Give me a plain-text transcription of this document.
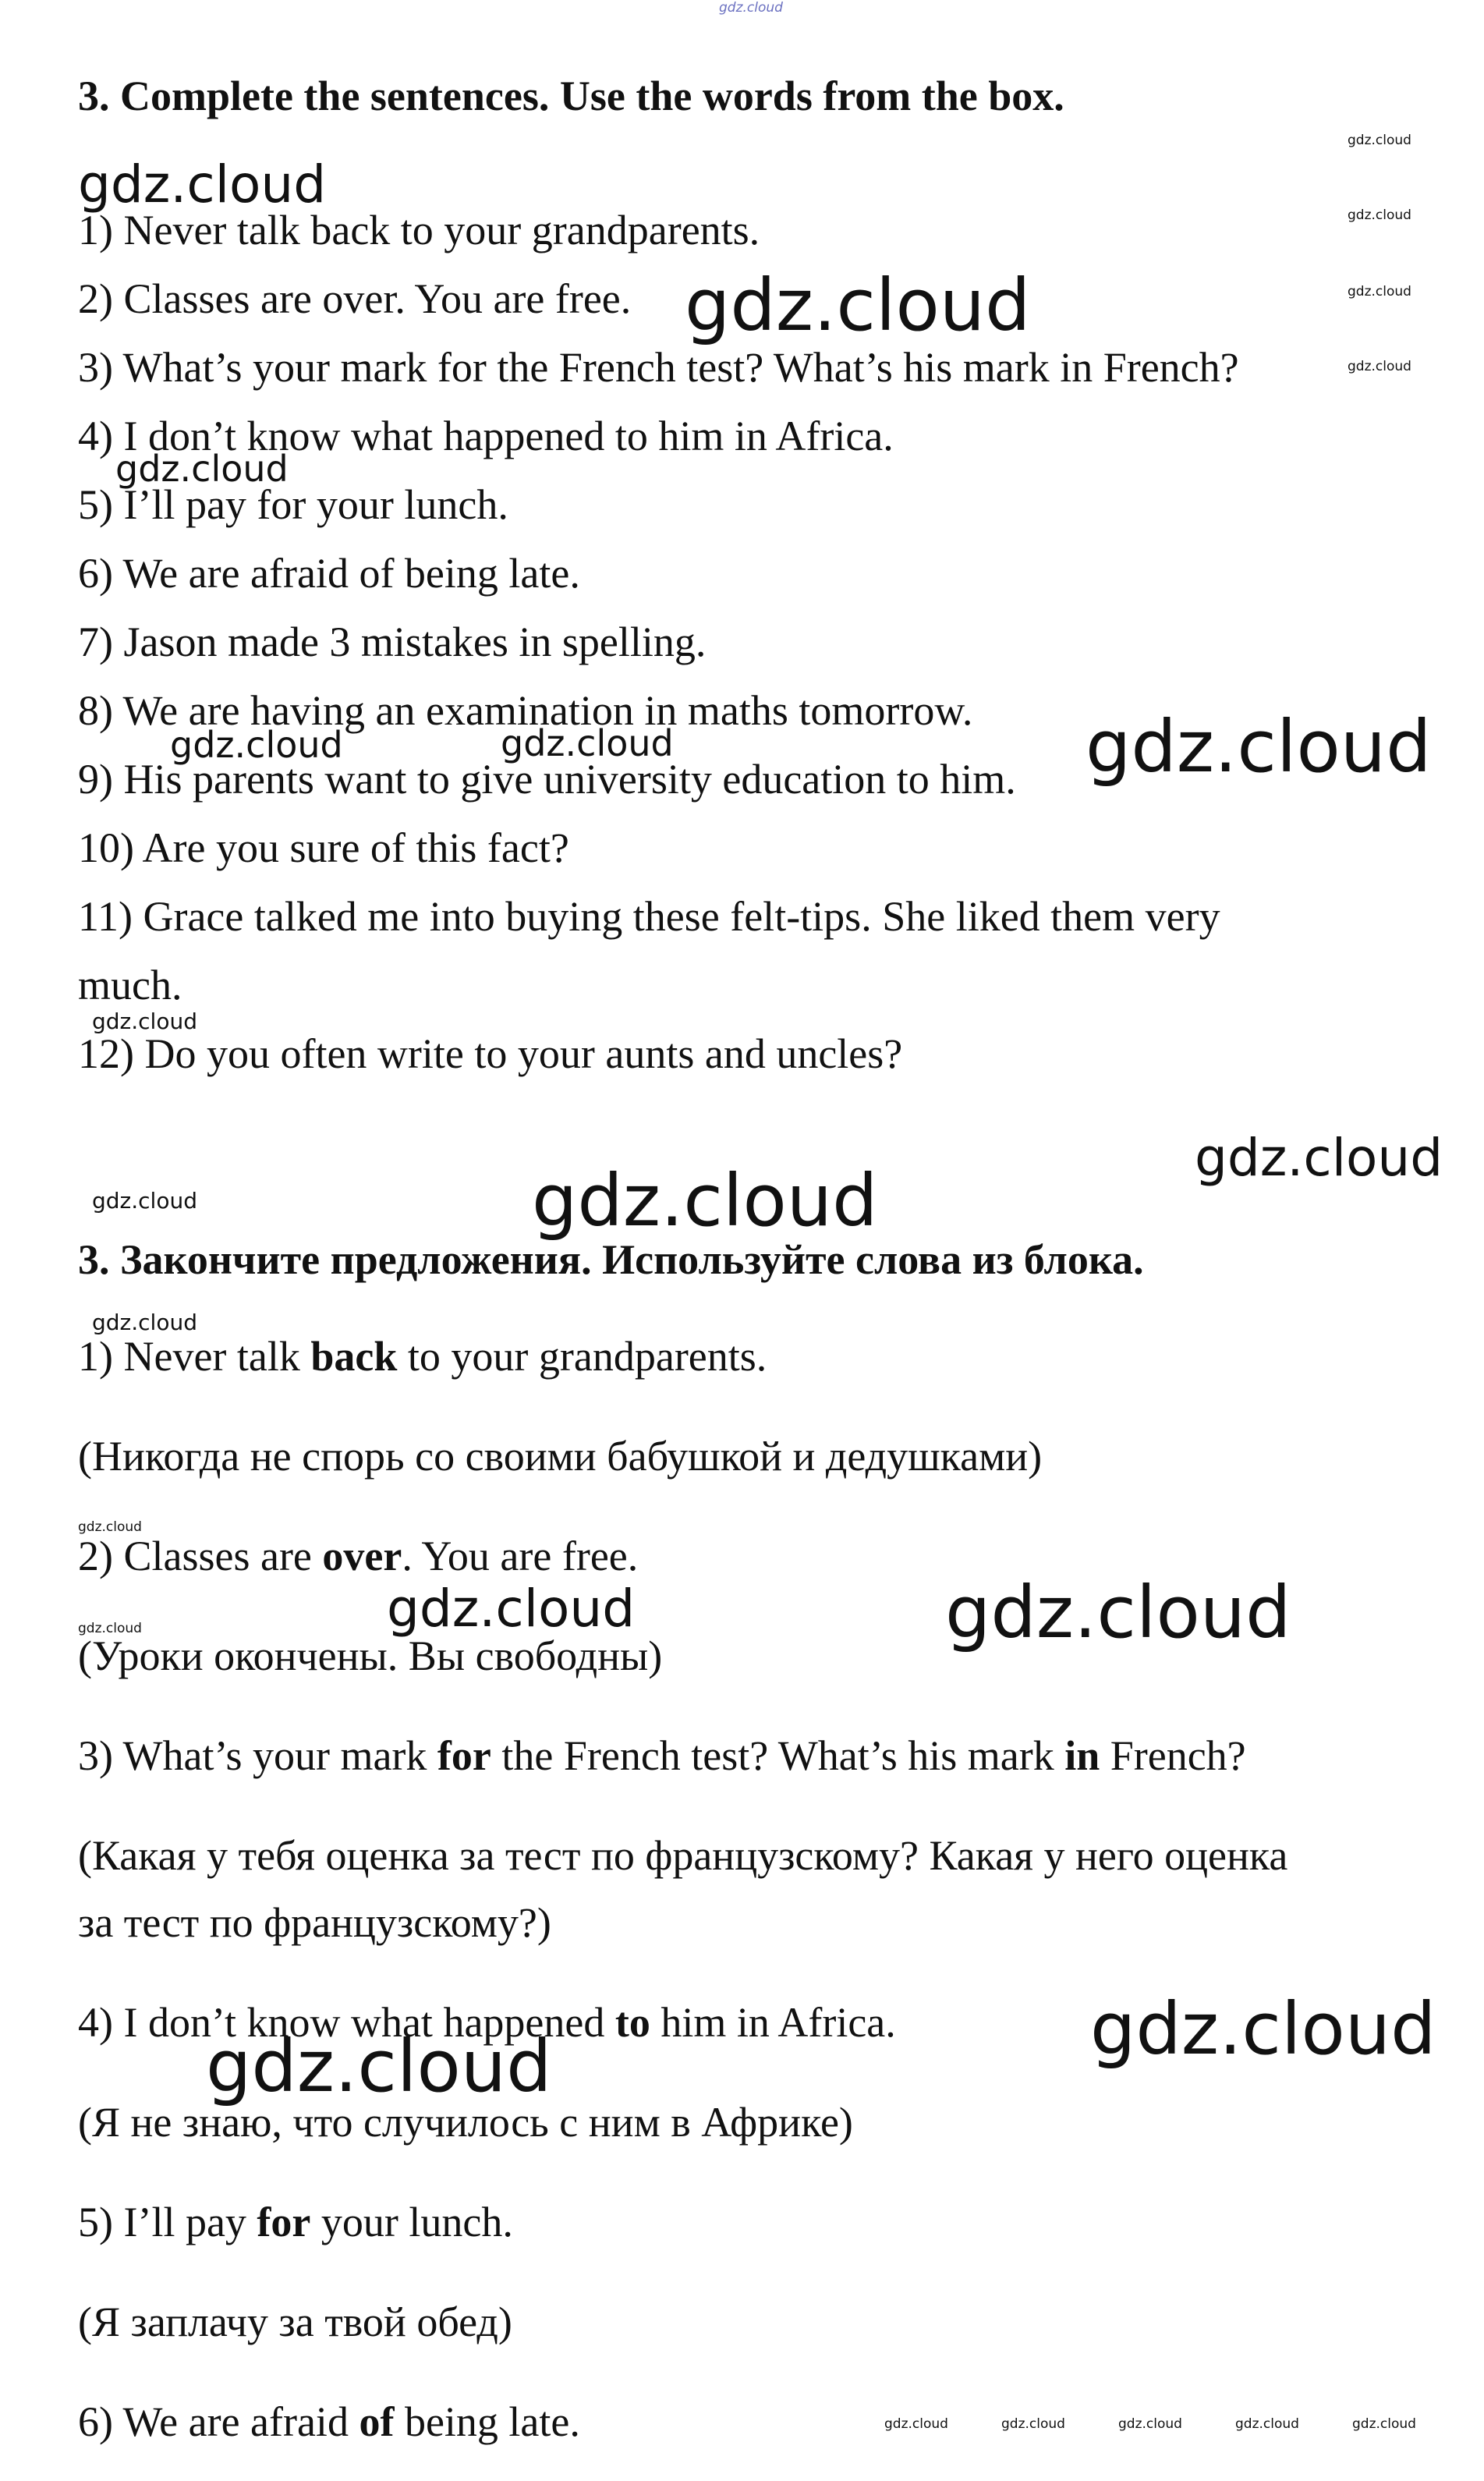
gdz.cloud
3. Complete the sentences. Use the words from the box.
1) Never talk back to your grandparents.
2) Classes are over. You are free.
3) What’s your mark for the French test? What’s his mark in French?
4) I don’t know what happened to him in Africa.
5) I’ll pay for your lunch.
6) We are afraid of being late.
7) Jason made 3 mistakes in spelling.
8) We are having an examination in maths tomorrow.
9) His parents want to give university education to him.
10) Are you sure of this fact?
11) Grace talked me into buying these felt-tips. She liked them very
much.
12) Do you often write to your aunts and uncles?
3. Закончите предложения. Используйте слова из блока.
1) Never talk back to your grandparents.
(Никогда не спорь со своими бабушкой и дедушками)
2) Classes are over. You are free.
(Уроки окончены. Вы свободны)
3) What’s your mark for the French test? What’s his mark in French?
(Какая у тебя оценка за тест по французскому? Какая у него оценка
за тест по французскому?)
4) I don’t know what happened to him in Africa.
(Я не знаю, что случилось с ним в Африке)
5) I’ll pay for your lunch.
(Я заплачу за твой обед)
6) We are afraid of being late.
gdz.cloud
gdz.cloud
gdz.cloud
gdz.cloud
gdz.cloud
gdz.cloud
gdz.cloud
gdz.cloud	gdz.cloud	gdz.cloud
gdz.cloud
gdz.cloud
gdz.cloud	gdz.cloud
gdz.cloud
gdz.cloud
gdz.cloud	gdz.cloud	gdz.cloud
gdz.cloud
gdz.cloud
gdz.cloud	gdz.cloud	gdz.cloud	gdz.cloud	gdz.cloud
